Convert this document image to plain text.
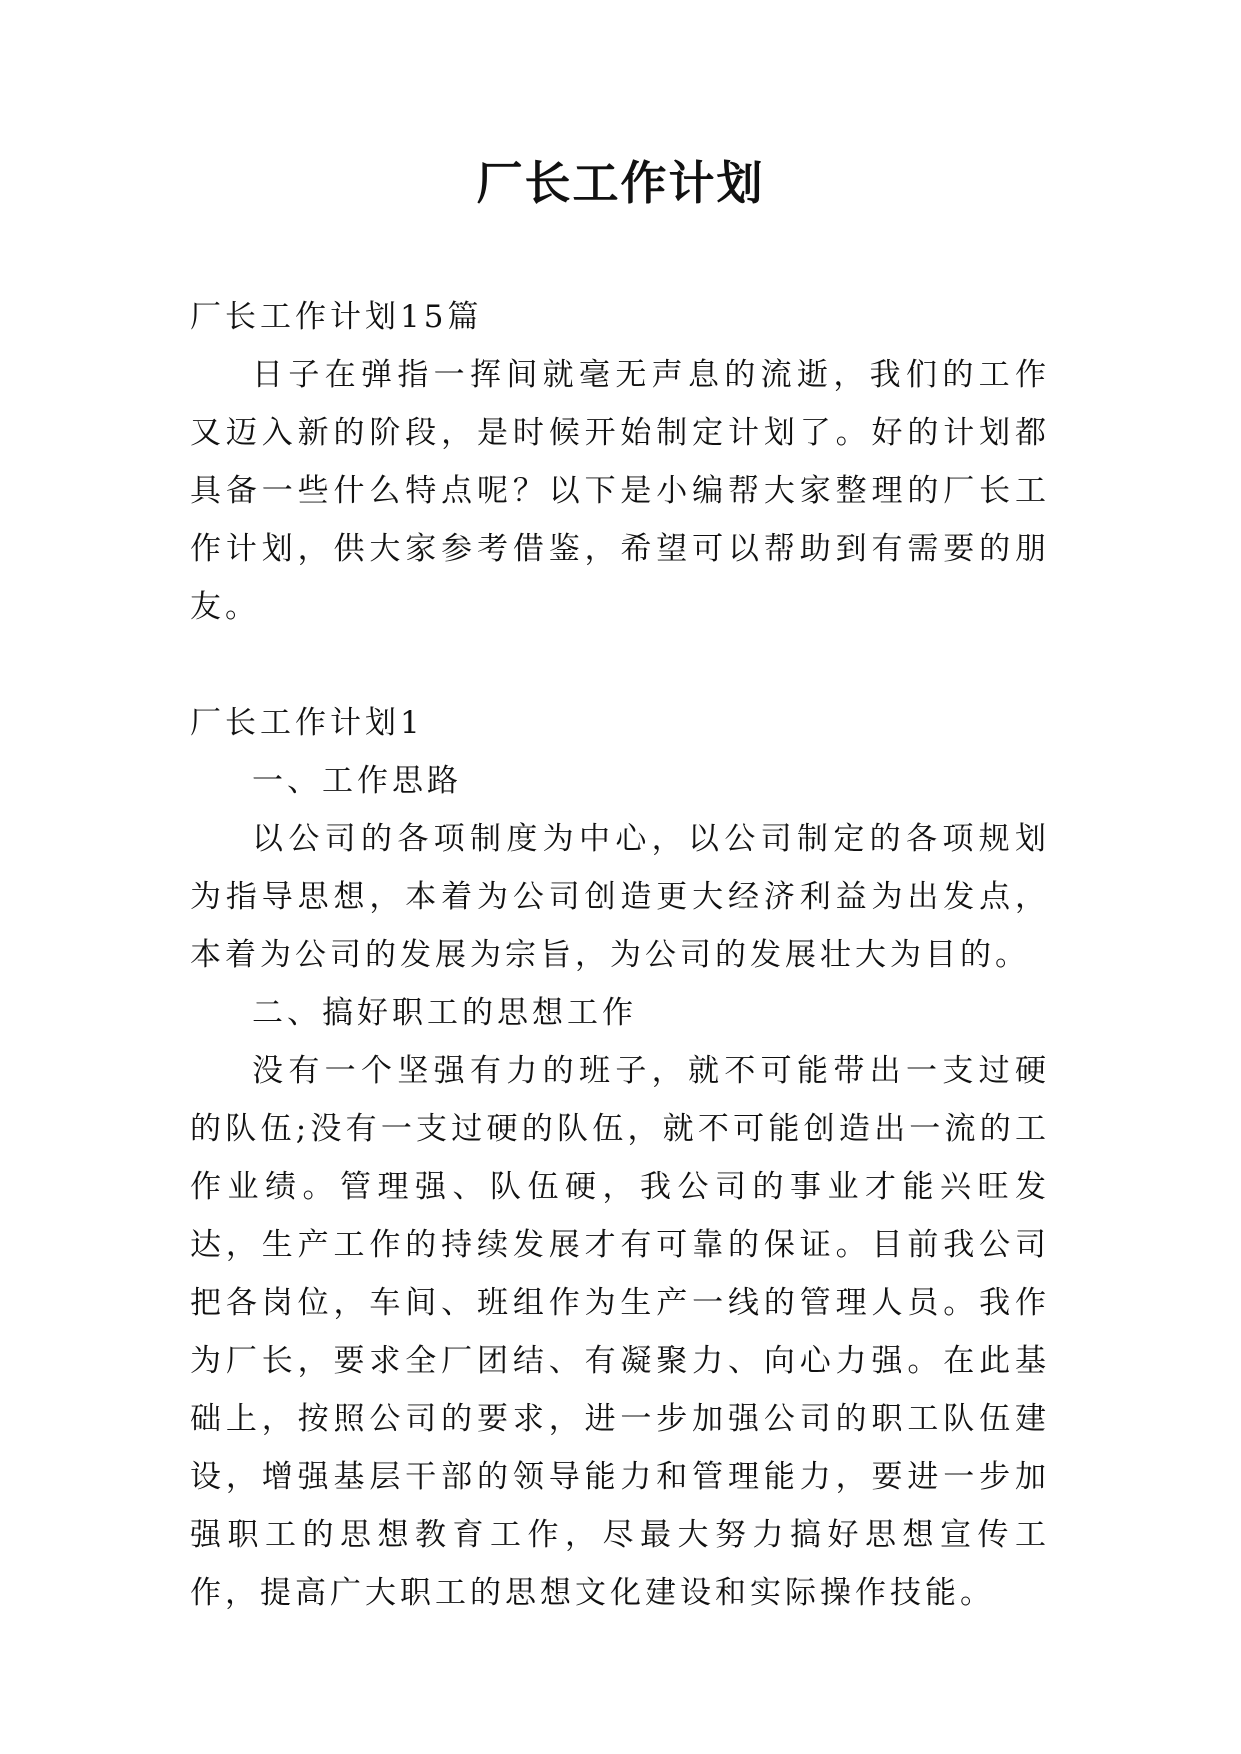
厂长工作计划

厂长工作计划15篇

日子在弹指一挥间就毫无声息的流逝，我们的工作又迈入新的阶段，是时候开始制定计划了。好的计划都具备一些什么特点呢？以下是小编帮大家整理的厂长工作计划，供大家参考借鉴，希望可以帮助到有需要的朋友。

厂长工作计划1

一、工作思路

以公司的各项制度为中心，以公司制定的各项规划为指导思想，本着为公司创造更大经济利益为出发点，本着为公司的发展为宗旨，为公司的发展壮大为目的。

二、搞好职工的思想工作

没有一个坚强有力的班子，就不可能带出一支过硬的队伍;没有一支过硬的队伍，就不可能创造出一流的工作业绩。管理强、队伍硬，我公司的事业才能兴旺发达，生产工作的持续发展才有可靠的保证。目前我公司把各岗位，车间、班组作为生产一线的管理人员。我作为厂长，要求全厂团结、有凝聚力、向心力强。在此基础上，按照公司的要求，进一步加强公司的职工队伍建设，增强基层干部的领导能力和管理能力，要进一步加强职工的思想教育工作，尽最大努力搞好思想宣传工作，提高广大职工的思想文化建设和实际操作技能。
